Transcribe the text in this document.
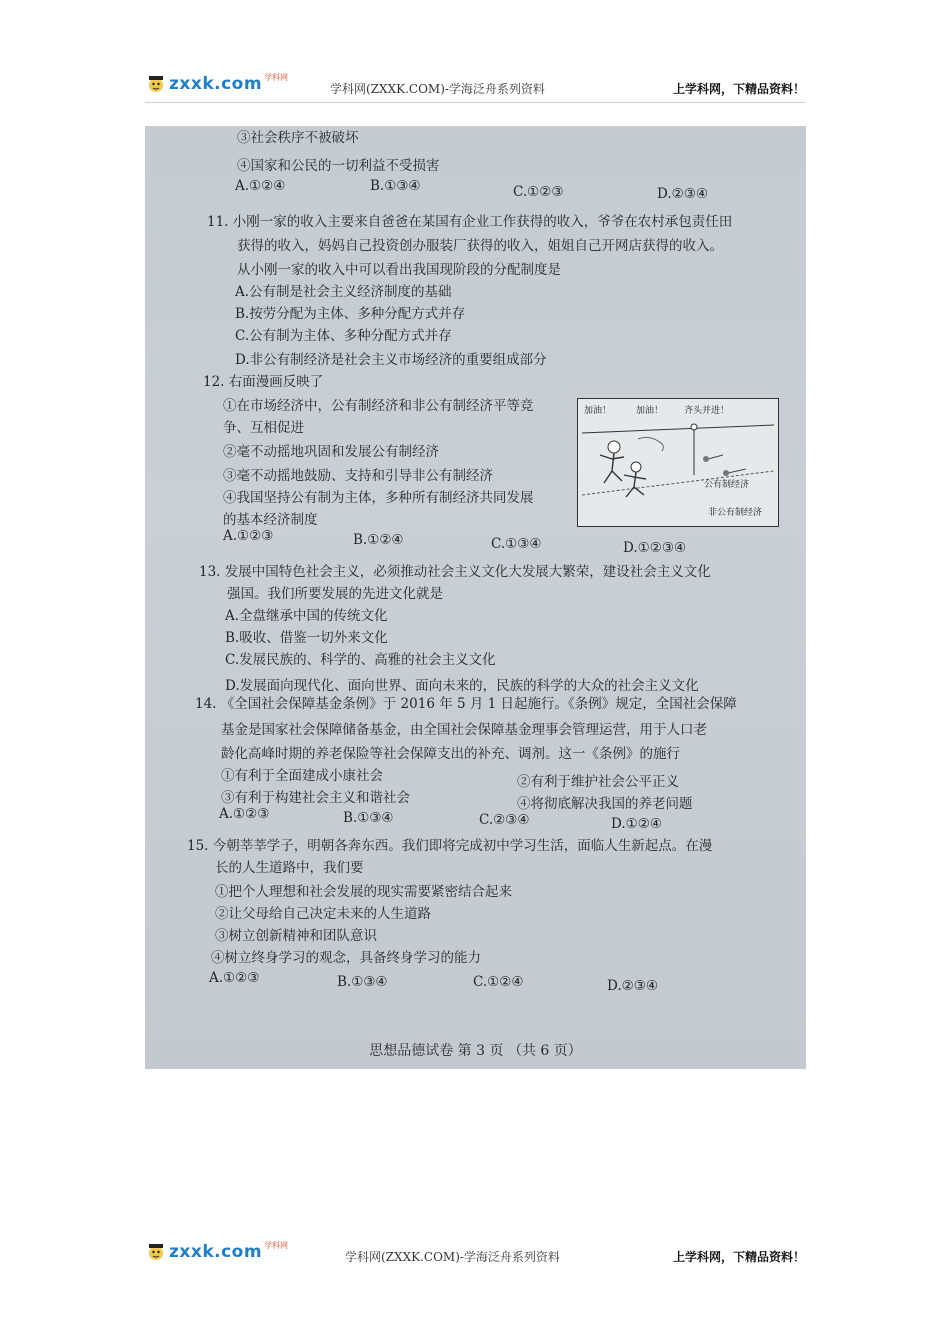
zxxk.com 学科网
学科网(ZXXK.COM)-学海泛舟系列资料	上学科网，下精品资料！
③社会秩序不被破坏
④国家和公民的一切利益不受损害
A.①②④	B.①③④	C.①②③	D.②③④
11. 小刚一家的收入主要来自爸爸在某国有企业工作获得的收入，爷爷在农村承包责任田
获得的收入，妈妈自己投资创办服装厂获得的收入，姐姐自己开网店获得的收入。
从小刚一家的收入中可以看出我国现阶段的分配制度是
A.公有制是社会主义经济制度的基础
B.按劳分配为主体、多种分配方式并存
C.公有制为主体、多种分配方式并存
D.非公有制经济是社会主义市场经济的重要组成部分
12. 右面漫画反映了
①在市场经济中，公有制经济和非公有制经济平等竞
争、互相促进
②毫不动摇地巩固和发展公有制经济
③毫不动摇地鼓励、支持和引导非公有制经济
④我国坚持公有制为主体，多种所有制经济共同发展
的基本经济制度
A.①②③	B.①②④	C.①③④	D.①②③④
加油！	加油！ 齐头并进！
公有制经济
非公有制经济
13. 发展中国特色社会主义，必须推动社会主义文化大发展大繁荣，建设社会主义文化
强国。我们所要发展的先进文化就是
A.全盘继承中国的传统文化
B.吸收、借鉴一切外来文化
C.发展民族的、科学的、高雅的社会主义文化
D.发展面向现代化、面向世界、面向未来的，民族的科学的大众的社会主义文化
14. 《全国社会保障基金条例》于 2016 年 5 月 1 日起施行。《条例》规定，全国社会保障
基金是国家社会保障储备基金，由全国社会保障基金理事会管理运营，用于人口老
龄化高峰时期的养老保险等社会保障支出的补充、调剂。这一《条例》的施行
①有利于全面建成小康社会	②有利于维护社会公平正义
③有利于构建社会主义和谐社会	④将彻底解决我国的养老问题
A.①②③	B.①③④	C.②③④	D.①②④
15. 今朝莘莘学子，明朝各奔东西。我们即将完成初中学习生活，面临人生新起点。在漫
长的人生道路中，我们要
①把个人理想和社会发展的现实需要紧密结合起来
②让父母给自己决定未来的人生道路
③树立创新精神和团队意识
④树立终身学习的观念，具备终身学习的能力
A.①②③	B.①③④	C.①②④	D.②③④
思想品德试卷 第 3 页 （共 6 页）
zxxk.com 学科网
学科网(ZXXK.COM)-学海泛舟系列资料	上学科网，下精品资料！
